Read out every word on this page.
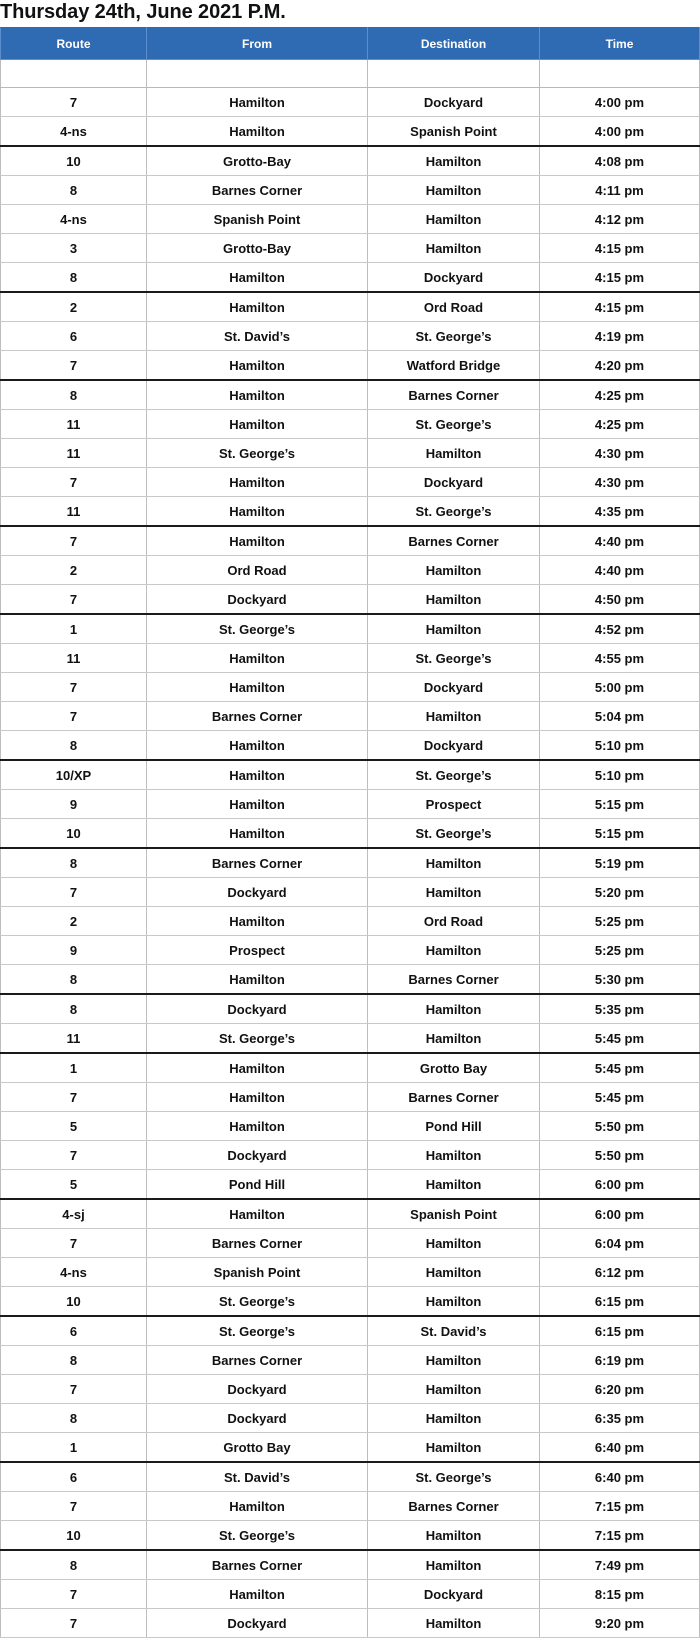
Thursday 24th, June 2021 P.M.
Route	From	Destination	Time

7	Hamilton	Dockyard	4:00 pm
4-ns	Hamilton	Spanish Point	4:00 pm
10	Grotto-Bay	Hamilton	4:08 pm
8	Barnes Corner	Hamilton	4:11 pm
4-ns	Spanish Point	Hamilton	4:12 pm
3	Grotto-Bay	Hamilton	4:15 pm
8	Hamilton	Dockyard	4:15 pm
2	Hamilton	Ord Road	4:15 pm
6	St. David’s	St. George’s	4:19 pm
7	Hamilton	Watford Bridge	4:20 pm
8	Hamilton	Barnes Corner	4:25 pm
11	Hamilton	St. George’s	4:25 pm
11	St. George’s	Hamilton	4:30 pm
7	Hamilton	Dockyard	4:30 pm
11	Hamilton	St. George’s	4:35 pm
7	Hamilton	Barnes Corner	4:40 pm
2	Ord Road	Hamilton	4:40 pm
7	Dockyard	Hamilton	4:50 pm
1	St. George’s	Hamilton	4:52 pm
11	Hamilton	St. George’s	4:55 pm
7	Hamilton	Dockyard	5:00 pm
7	Barnes Corner	Hamilton	5:04 pm
8	Hamilton	Dockyard	5:10 pm
10/XP	Hamilton	St. George’s	5:10 pm
9	Hamilton	Prospect	5:15 pm
10	Hamilton	St. George’s	5:15 pm
8	Barnes Corner	Hamilton	5:19 pm
7	Dockyard	Hamilton	5:20 pm
2	Hamilton	Ord Road	5:25 pm
9	Prospect	Hamilton	5:25 pm
8	Hamilton	Barnes Corner	5:30 pm
8	Dockyard	Hamilton	5:35 pm
11	St. George’s	Hamilton	5:45 pm
1	Hamilton	Grotto Bay	5:45 pm
7	Hamilton	Barnes Corner	5:45 pm
5	Hamilton	Pond Hill	5:50 pm
7	Dockyard	Hamilton	5:50 pm
5	Pond Hill	Hamilton	6:00 pm
4-sj	Hamilton	Spanish Point	6:00 pm
7	Barnes Corner	Hamilton	6:04 pm
4-ns	Spanish Point	Hamilton	6:12 pm
10	St. George’s	Hamilton	6:15 pm
6	St. George’s	St. David’s	6:15 pm
8	Barnes Corner	Hamilton	6:19 pm
7	Dockyard	Hamilton	6:20 pm
8	Dockyard	Hamilton	6:35 pm
1	Grotto Bay	Hamilton	6:40 pm
6	St. David’s	St. George’s	6:40 pm
7	Hamilton	Barnes Corner	7:15 pm
10	St. George’s	Hamilton	7:15 pm
8	Barnes Corner	Hamilton	7:49 pm
7	Hamilton	Dockyard	8:15 pm
7	Dockyard	Hamilton	9:20 pm
